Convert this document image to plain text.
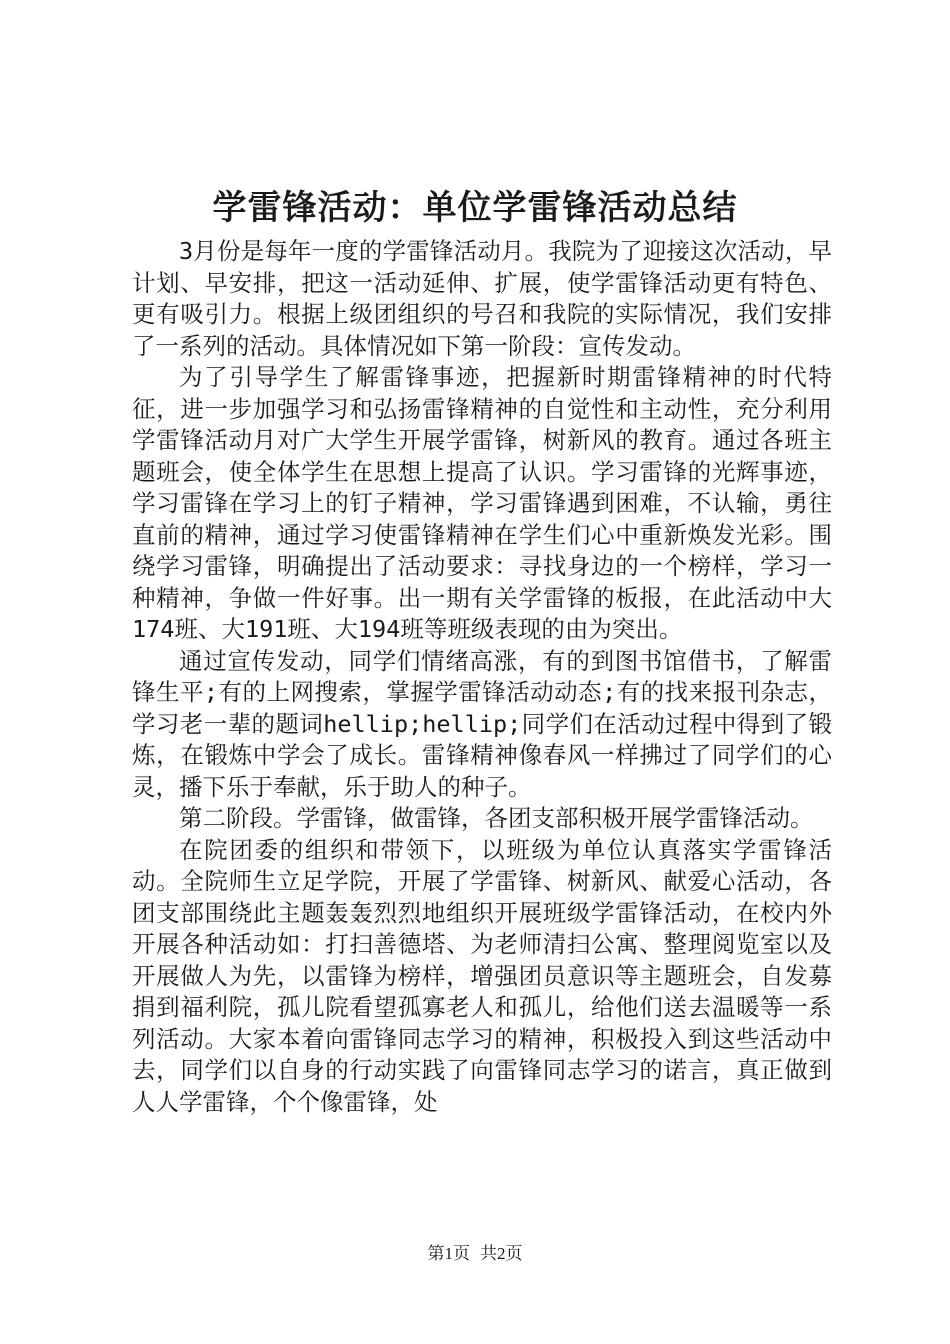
学雷锋活动：单位学雷锋活动总结

3月份是每年一度的学雷锋活动月。我院为了迎接这次活动，早计划、早安排，把这一活动延伸、扩展，使学雷锋活动更有特色、更有吸引力。根据上级团组织的号召和我院的实际情况，我们安排了一系列的活动。具体情况如下第一阶段：宣传发动。

为了引导学生了解雷锋事迹，把握新时期雷锋精神的时代特征，进一步加强学习和弘扬雷锋精神的自觉性和主动性，充分利用学雷锋活动月对广大学生开展学雷锋，树新风的教育。通过各班主题班会，使全体学生在思想上提高了认识。学习雷锋的光辉事迹，学习雷锋在学习上的钉子精神，学习雷锋遇到困难，不认输，勇往直前的精神，通过学习使雷锋精神在学生们心中重新焕发光彩。围绕学习雷锋，明确提出了活动要求：寻找身边的一个榜样，学习一种精神，争做一件好事。出一期有关学雷锋的板报，在此活动中大174班、大191班、大194班等班级表现的由为突出。

通过宣传发动，同学们情绪高涨，有的到图书馆借书，了解雷锋生平;有的上网搜索，掌握学雷锋活动动态;有的找来报刊杂志，学习老一辈的题词hellip;hellip;同学们在活动过程中得到了锻炼，在锻炼中学会了成长。雷锋精神像春风一样拂过了同学们的心灵，播下乐于奉献，乐于助人的种子。

第二阶段。学雷锋，做雷锋，各团支部积极开展学雷锋活动。

在院团委的组织和带领下，以班级为单位认真落实学雷锋活动。全院师生立足学院，开展了学雷锋、树新风、献爱心活动，各团支部围绕此主题轰轰烈烈地组织开展班级学雷锋活动，在校内外开展各种活动如：打扫善德塔、为老师清扫公寓、整理阅览室以及开展做人为先，以雷锋为榜样，增强团员意识等主题班会，自发募捐到福利院，孤儿院看望孤寡老人和孤儿，给他们送去温暖等一系列活动。大家本着向雷锋同志学习的精神，积极投入到这些活动中去，同学们以自身的行动实践了向雷锋同志学习的诺言，真正做到人人学雷锋，个个像雷锋，处

第1页 共2页
